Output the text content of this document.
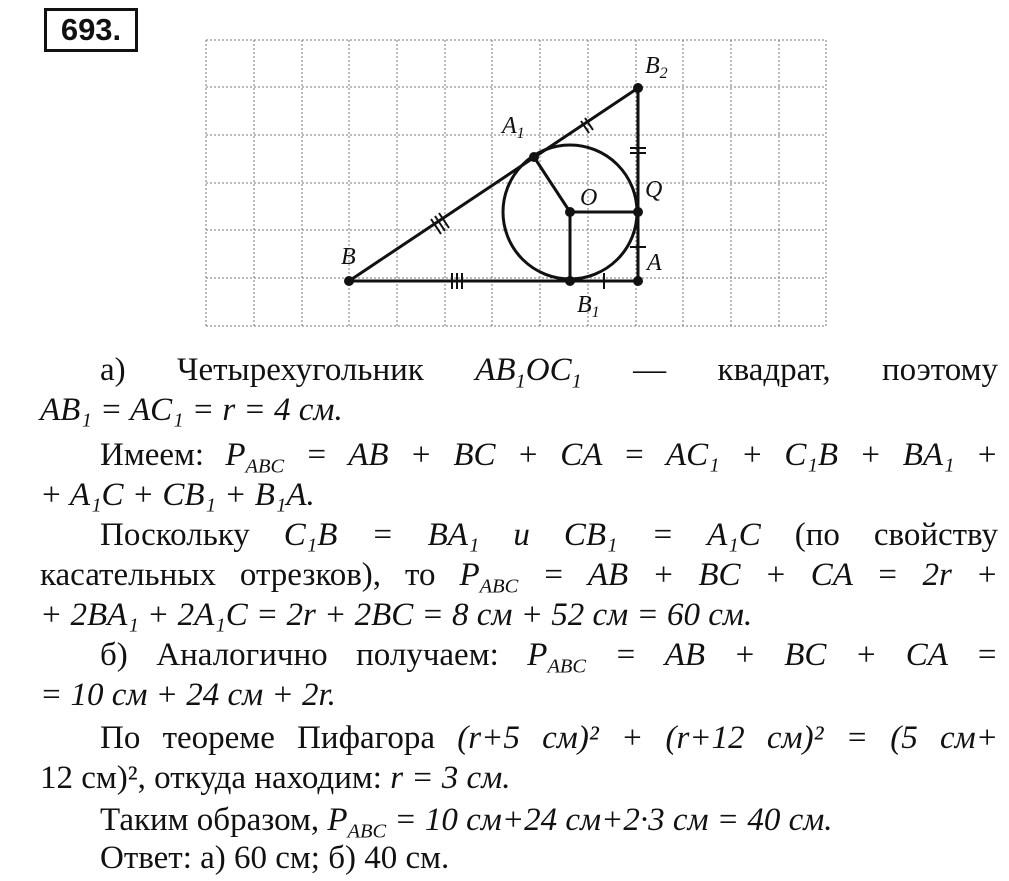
693.
B
$B_1$
A
Q
O
$A_1$
$B_2$
а) Четырехугольник $AB_1OC_1$ — квадрат, поэтому
AB₁ = AC₁ = r = 4 см.
Имеем: $P_{ABC}$ = AB + BC + CA = AC₁ + C₁B + BA₁ +
+ A₁C + CB₁ + B₁A.
Поскольку C₁B = BA₁ и CB₁ = A₁C (по свойству
касательных отрезков), то $P_{ABC}$ = AB + BC + CA = 2r +
+ 2BA₁ + 2A₁C = 2r + 2BC = 8 см + 52 см = 60 см.
б) Аналогично получаем: $P_{ABC}$ = AB + BC + CA =
= 10 см + 24 см + 2r.
По теореме Пифагора (r+5 см)² + (r+12 см)² = (5 см+
12 см)², откуда находим: r = 3 см.
Таким образом, $P_{ABC} = 10$ см+24 см+2·3 см = 40 см.
Ответ: а) 60 см; б) 40 см.
